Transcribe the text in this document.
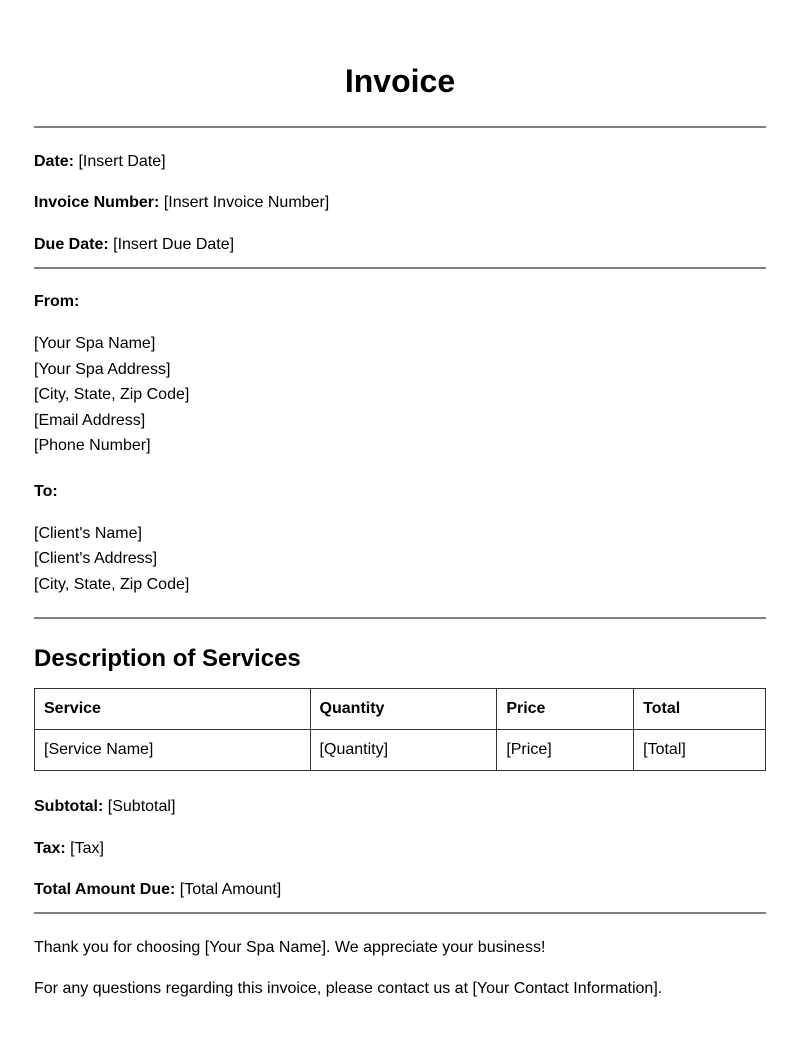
Invoice
Date: [Insert Date]
Invoice Number: [Insert Invoice Number]
Due Date: [Insert Due Date]
From:
[Your Spa Name]
[Your Spa Address]
[City, State, Zip Code]
[Email Address]
[Phone Number]
To:
[Client's Name]
[Client's Address]
[City, State, Zip Code]
Description of Services
Service	Quantity	Price	Total
[Service Name]	[Quantity]	[Price]	[Total]
Subtotal: [Subtotal]
Tax: [Tax]
Total Amount Due: [Total Amount]
Thank you for choosing [Your Spa Name]. We appreciate your business!
For any questions regarding this invoice, please contact us at [Your Contact Information].
